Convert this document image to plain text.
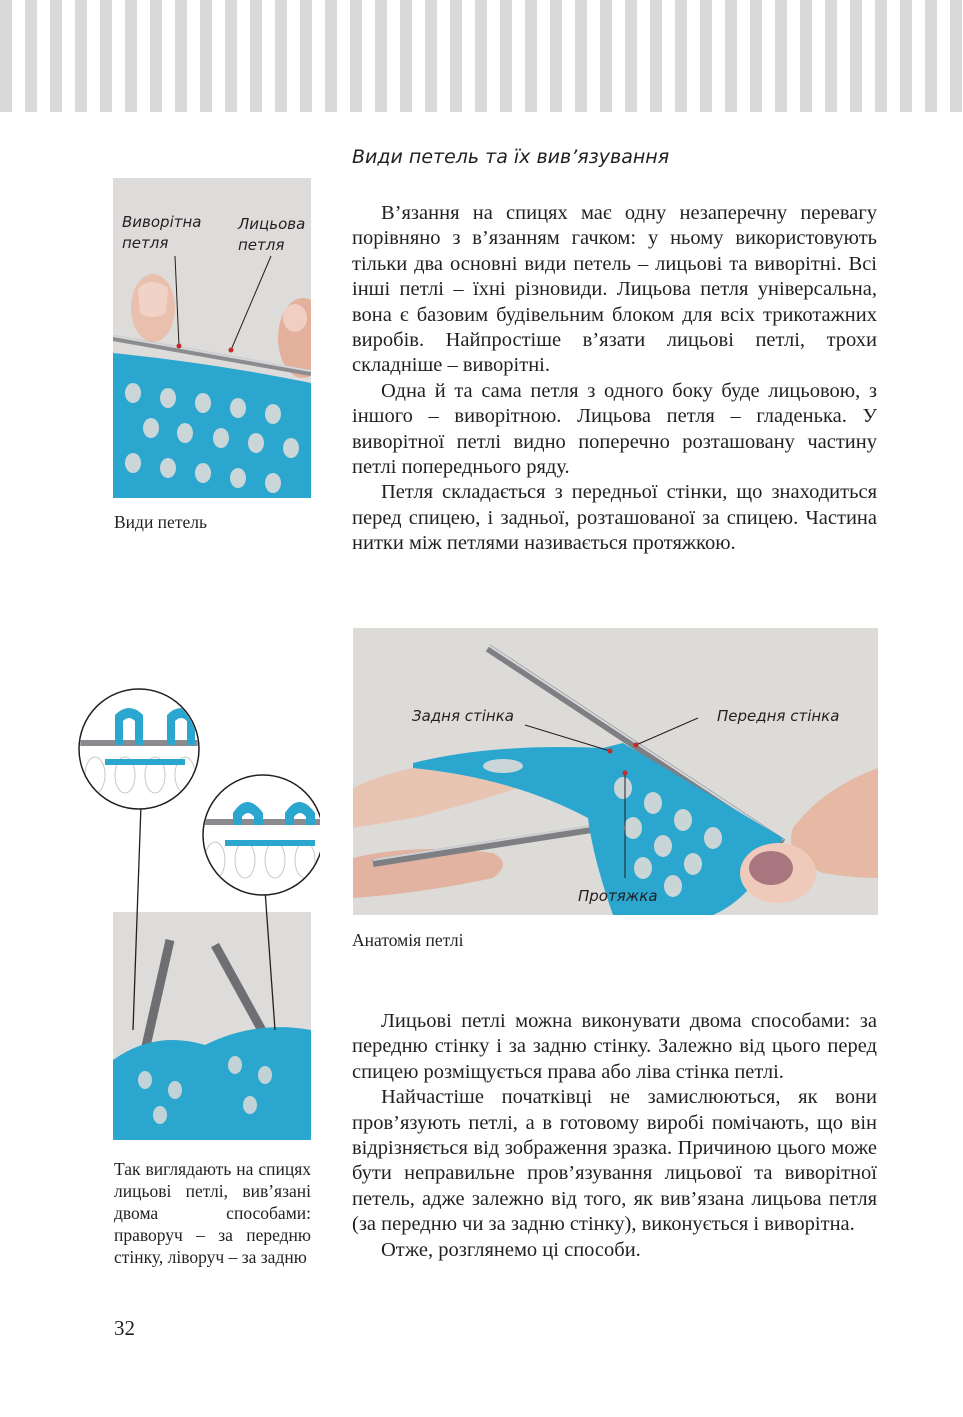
Види петель та їх вив’язування
Виворітна петля
Лицьова петля

Види петель

В’язання на спицях має одну незаперечну перевагу порівняно з в’язанням гачком: у ньому використовують тільки два основні види петель – лицьові та виворітні. Всі інші петлі – їхні різновиди. Лицьова петля універсальна, вона є базовим будівельним блоком для всіх трикотажних виробів. Найпростіше в’язати лицьові петлі, трохи складніше – виворітні.

Одна й та сама петля з одного боку буде лицьовою, з іншого – виворітною. Лицьова петля – гладенька. У виворітної петлі видно поперечно розташовану частину петлі попереднього ряду.

Петля складається з передньої стінки, що знаходиться перед спицею, і задньої, розташованої за спицею. Частина нитки між петлями називається протяжкою.

Задня стінка	Передня стінка
Протяжка

Анатомія петлі

Так виглядають на спицях лицьові петлі, вив’язані двома способами: праворуч – за передню стінку, ліворуч – за задню

Лицьові петлі можна виконувати двома способами: за передню стінку і за задню стінку. Залежно від цього перед спицею розміщується права або ліва стінка петлі.

Найчастіше початківці не замислюються, як вони пров’язують петлі, а в готовому виробі помічають, що він відрізняється від зображення зразка. Причиною цього може бути неправильне пров’язування лицьової та виворітної петель, адже залежно від того, як вив’язана лицьова петля (за передню чи за задню стінку), виконується і виворітна.

Отже, розглянемо ці способи.

32
